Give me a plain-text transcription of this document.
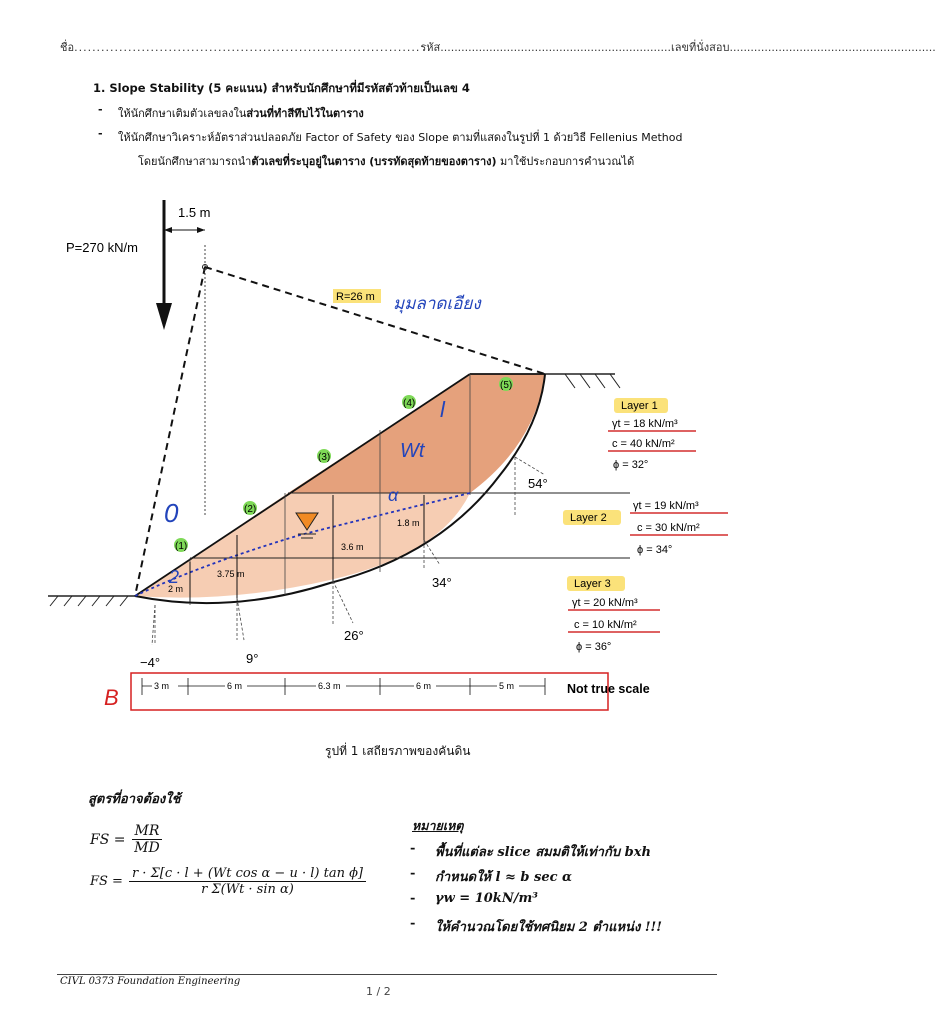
ชื่อ.............................................................................รหัส..................................................................เลขที่นั่งสอบ...........................................................
1. Slope Stability (5 คะแนน) สำหรับนักศึกษาที่มีรหัสตัวท้ายเป็นเลข 4
- ให้นักศึกษาเติมตัวเลขลงในส่วนที่ทำสีทึบไว้ในตาราง
- ให้นักศึกษาวิเคราะห์อัตราส่วนปลอดภัย Factor of Safety ของ Slope ตามที่แสดงในรูปที่ 1 ด้วยวิธี Fellenius Method
โดยนักศึกษาสามารถนำตัวเลขที่ระบุอยู่ในตาราง (บรรทัดสุดท้ายของตาราง) มาใช้ประกอบการคำนวณได้
1.5 m
P=270 kN/m
R=26 m มุมลาดเอียง
(1)
(2)
(3)
(4)
(5)
l
Wt
α
0
2
2 m
3.75 m
3.6 m
1.8 m
−4°	9°
26°
34°
54°
3 m	6 m	6.3 m	6 m	5 m	Not true scale
B
Layer 1
γt = 18 kN/m³
c = 40 kN/m²
ϕ = 32°
Layer 2
γt = 19 kN/m³
c = 30 kN/m²
ϕ = 34°
Layer 3
γt = 20 kN/m³
c = 10 kN/m²
ϕ = 36°
รูปที่ 1 เสถียรภาพของคันดิน
สูตรที่อาจต้องใช้
FS = $\frac{MR}{MD}$
FS = $\frac{\text{r · Σ[c · l + (Wt cos α − u · l) tan ϕ]}}{\text{r Σ(Wt · sin α)}}$
หมายเหตุ
- พื้นที่แต่ละ slice สมมติให้เท่ากับ bxh
- กำหนดให้ l ≈ b sec α
- γw = 10kN/m³
- ให้คำนวณโดยใช้ทศนิยม 2 ตำแหน่ง !!!
CIVL 0373 Foundation Engineering
1 / 2
